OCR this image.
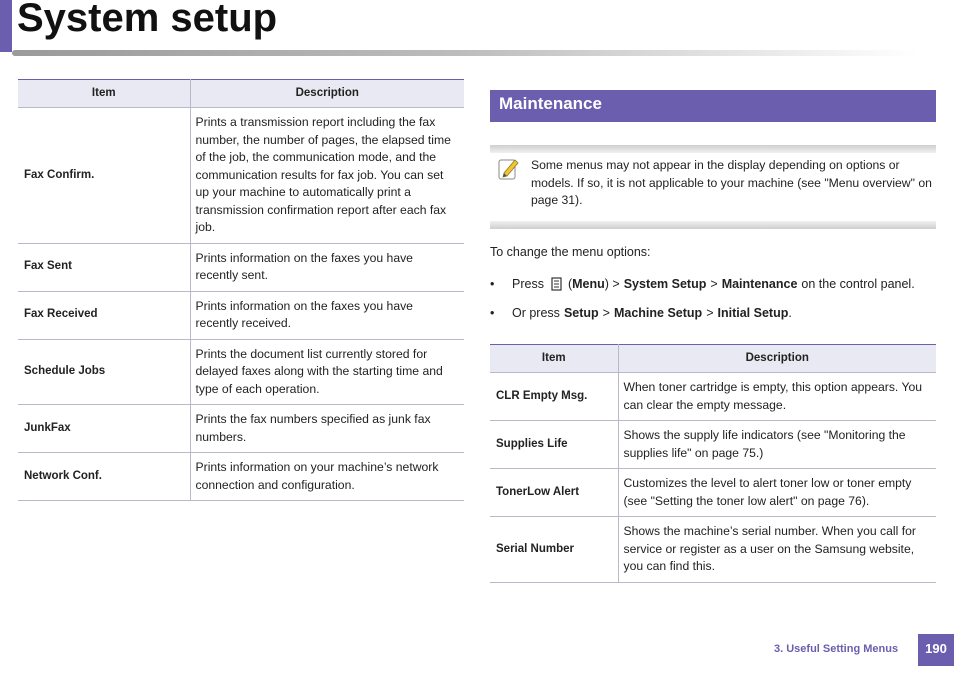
System setup
Item	Description
Fax Confirm.	Prints a transmission report including the fax number, the number of pages, the elapsed time of the job, the communication mode, and the communication results for fax job. You can set up your machine to automatically print a transmission confirmation report after each fax job.
Fax Sent	Prints information on the faxes you have recently sent.
Fax Received	Prints information on the faxes you have recently received.
Schedule Jobs	Prints the document list currently stored for delayed faxes along with the starting time and type of each operation.
JunkFax	Prints the fax numbers specified as junk fax numbers.
Network Conf.	Prints information on your machine’s network connection and configuration.
Maintenance

Some menus may not appear in the display depending on options or models. If so, it is not applicable to your machine (see "Menu overview" on page 31).

To change the menu options:

•	Press ( Menu ) > System Setup > Maintenance on the control panel.
•	Or press Setup > Machine Setup > Initial Setup .
Item	Description
CLR Empty Msg.	When toner cartridge is empty, this option appears. You can clear the empty message.
Supplies Life	Shows the supply life indicators (see "Monitoring the supplies life" on page 75.)
TonerLow Alert	Customizes the level to alert toner low or toner empty (see "Setting the toner low alert" on page 76).
Serial Number	Shows the machine’s serial number. When you call for service or register as a user on the Samsung website, you can find this.
3. Useful Setting Menus	190
